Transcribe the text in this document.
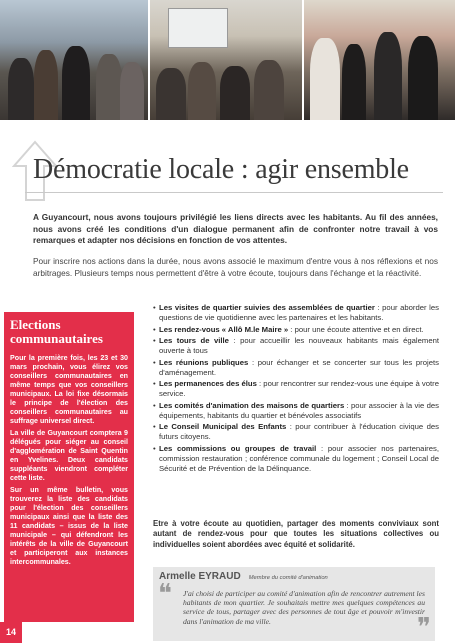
Démocratie locale : agir ensemble

A Guyancourt, nous avons toujours privilégié les liens directs avec les habitants. Au fil des années, nous avons créé les conditions d'un dialogue permanent afin de confronter notre travail à vos remarques et adapter nos décisions en fonction de vos attentes.

Pour inscrire nos actions dans la durée, nous avons associé le maximum d'entre vous à nos réflexions et nos arbitrages. Plusieurs temps nous permettent d'être à votre écoute, toujours dans l'échange et la réactivité.

Elections communautaires

Pour la première fois, les 23 et 30 mars prochain, vous élirez vos conseillers communautaires en même temps que vos conseillers municipaux. La loi fixe désormais le principe de l'élection des conseillers communautaires au suffrage universel direct.

La ville de Guyancourt comptera 9 délégués pour siéger au conseil d'agglomération de Saint Quentin en Yvelines. Deux candidats suppléants viendront compléter cette liste.

Sur un même bulletin, vous trouverez la liste des candidats pour l'élection des conseillers municipaux ainsi que la liste des 11 candidats – issus de la liste municipale – qui défendront les intérêts de la ville de Guyancourt et participeront aux instances intercommunales.

• Les visites de quartier suivies des assemblées de quartier : pour aborder les questions de vie quotidienne avec les partenaires et les habitants.
• Les rendez-vous « Allô M.le Maire » : pour une écoute attentive et en direct.
• Les tours de ville : pour accueillir les nouveaux habitants mais également ouverte à tous
• Les réunions publiques : pour échanger et se concerter sur tous les projets d'aménagement.
• Les permanences des élus : pour rencontrer sur rendez-vous une équipe à votre service.
• Les comités d'animation des maisons de quartiers : pour associer à la vie des équipements, habitants du quartier et bénévoles associatifs
• Le Conseil Municipal des Enfants : pour contribuer à l'éducation civique des futurs citoyens.
• Les commissions ou groupes de travail : pour associer nos partenaires, commission restauration ; conférence communale du logement ; Conseil Local de Sécurité et de Prévention de la Délinquance.

Etre à votre écoute au quotidien, partager des moments conviviaux sont autant de rendez-vous pour que toutes les situations collectives ou individuelles soient abordées avec équité et solidarité.

Armelle EYRAUD Membre du comité d'animation
❝ J'ai choisi de participer au comité d'animation afin de rencontrer autrement les habitants de mon quartier. Je souhaitais mettre mes quelques compétences au service de tous, partager avec des personnes de tout âge et pouvoir m'investir dans l'animation de ma ville.	❞
14
